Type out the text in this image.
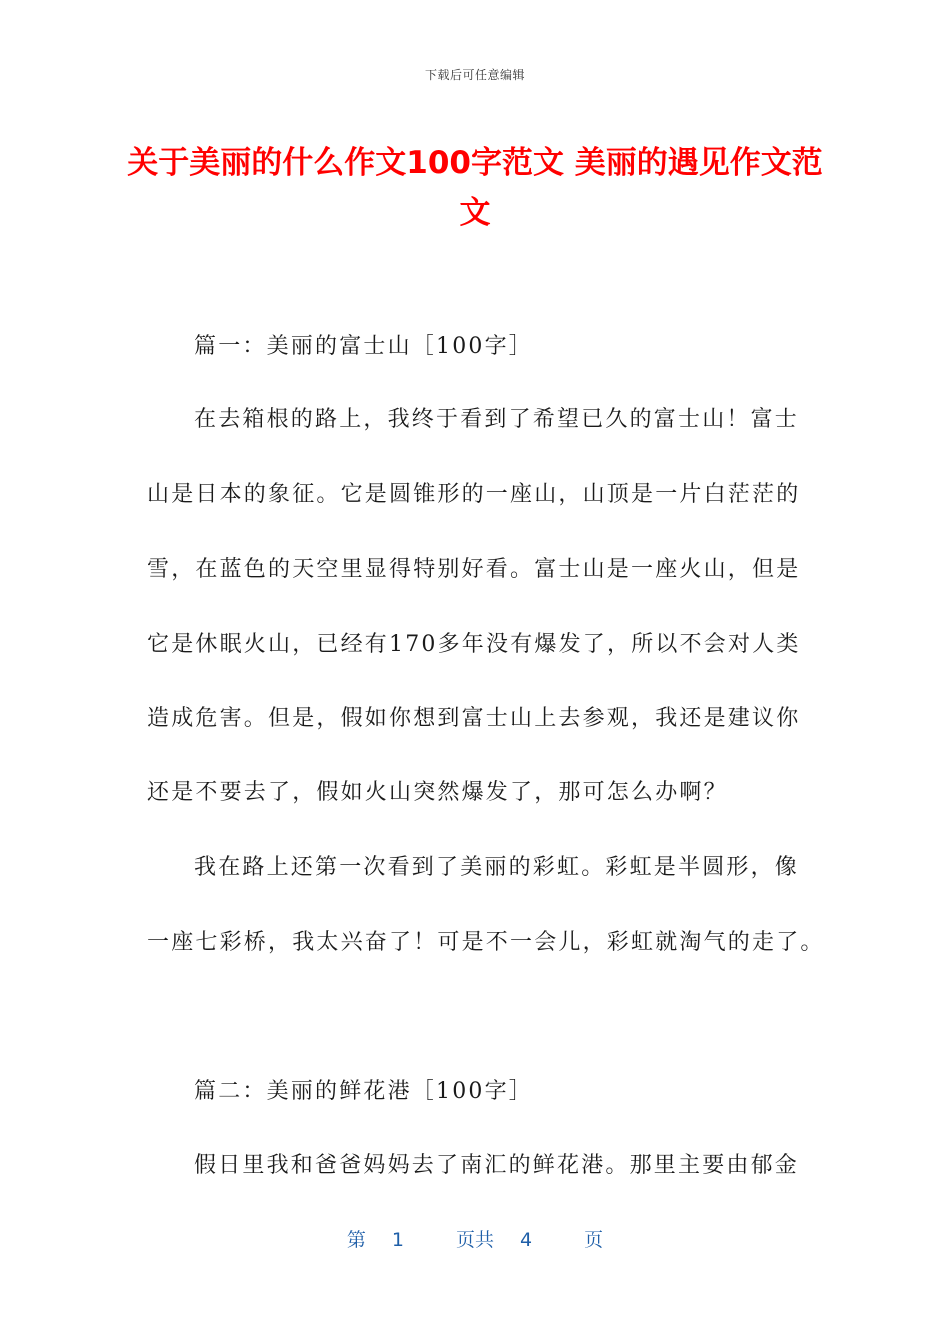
下载后可任意编辑
关于美丽的什么作文100字范文 美丽的遇见作文范文
篇一：美丽的富士山［100字］
在去箱根的路上，我终于看到了希望已久的富士山！富士
山是日本的象征。它是圆锥形的一座山，山顶是一片白茫茫的
雪，在蓝色的天空里显得特别好看。富士山是一座火山，但是
它是休眠火山，已经有170多年没有爆发了，所以不会对人类
造成危害。但是，假如你想到富士山上去参观，我还是建议你
还是不要去了，假如火山突然爆发了，那可怎么办啊？
我在路上还第一次看到了美丽的彩虹。彩虹是半圆形，像
一座七彩桥，我太兴奋了！可是不一会儿，彩虹就淘气的走了。
篇二：美丽的鲜花港［100字］
假日里我和爸爸妈妈去了南汇的鲜花港。那里主要由郁金
第 1	页共 4	页
